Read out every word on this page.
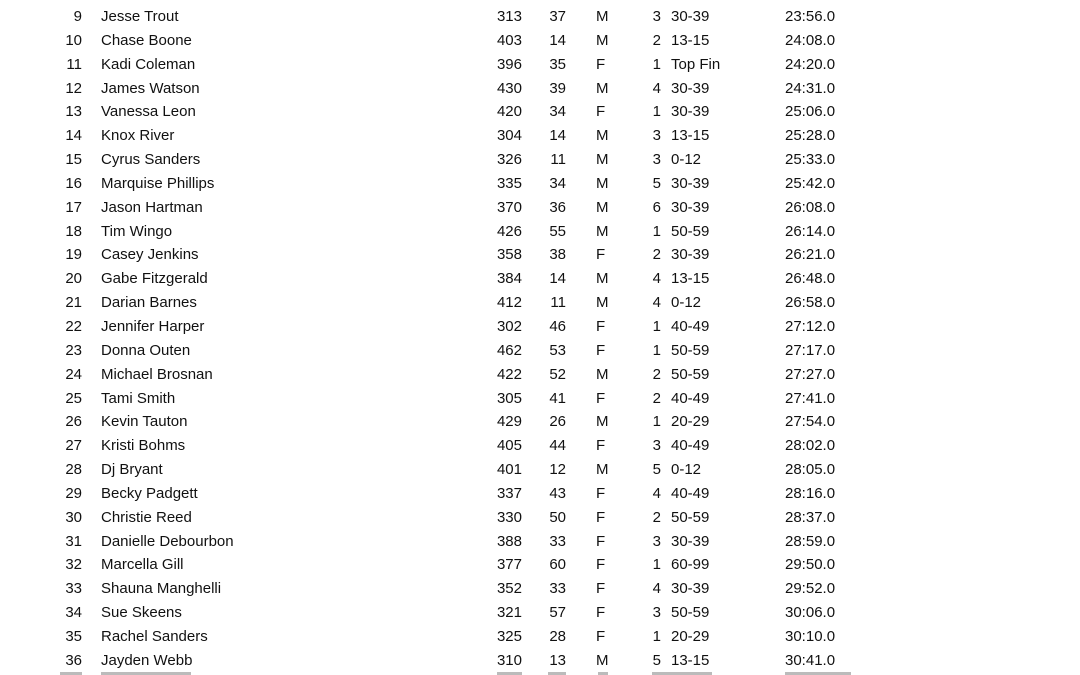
9 Jesse Trout	313	37 M	3 30-39	23:56.0
10 Chase Boone	403	14 M	2 13-15	24:08.0
11 Kadi Coleman	396	35 F	1 Top Fin	24:20.0
12 James Watson	430	39 M	4 30-39	24:31.0
13 Vanessa Leon	420	34 F	1 30-39	25:06.0
14 Knox River	304	14 M	3 13-15	25:28.0
15 Cyrus Sanders	326	11 M	3 0-12	25:33.0
16 Marquise Phillips	335	34 M	5 30-39	25:42.0
17 Jason Hartman	370	36 M	6 30-39	26:08.0
18 Tim Wingo	426	55 M	1 50-59	26:14.0
19 Casey Jenkins	358	38 F	2 30-39	26:21.0
20 Gabe Fitzgerald	384	14 M	4 13-15	26:48.0
21 Darian Barnes	412	11 M	4 0-12	26:58.0
22 Jennifer Harper	302	46 F	1 40-49	27:12.0
23 Donna Outen	462	53 F	1 50-59	27:17.0
24 Michael Brosnan	422	52 M	2 50-59	27:27.0
25 Tami Smith	305	41 F	2 40-49	27:41.0
26 Kevin Tauton	429	26 M	1 20-29	27:54.0
27 Kristi Bohms	405	44 F	3 40-49	28:02.0
28 Dj Bryant	401	12 M	5 0-12	28:05.0
29 Becky Padgett	337	43 F	4 40-49	28:16.0
30 Christie Reed	330	50 F	2 50-59	28:37.0
31 Danielle Debourbon	388	33 F	3 30-39	28:59.0
32 Marcella Gill	377	60 F	1 60-99	29:50.0
33 Shauna Manghelli	352	33 F	4 30-39	29:52.0
34 Sue Skeens	321	57 F	3 50-59	30:06.0
35 Rachel Sanders	325	28 F	1 20-29	30:10.0
36 Jayden Webb	310	13 M	5 13-15	30:41.0
